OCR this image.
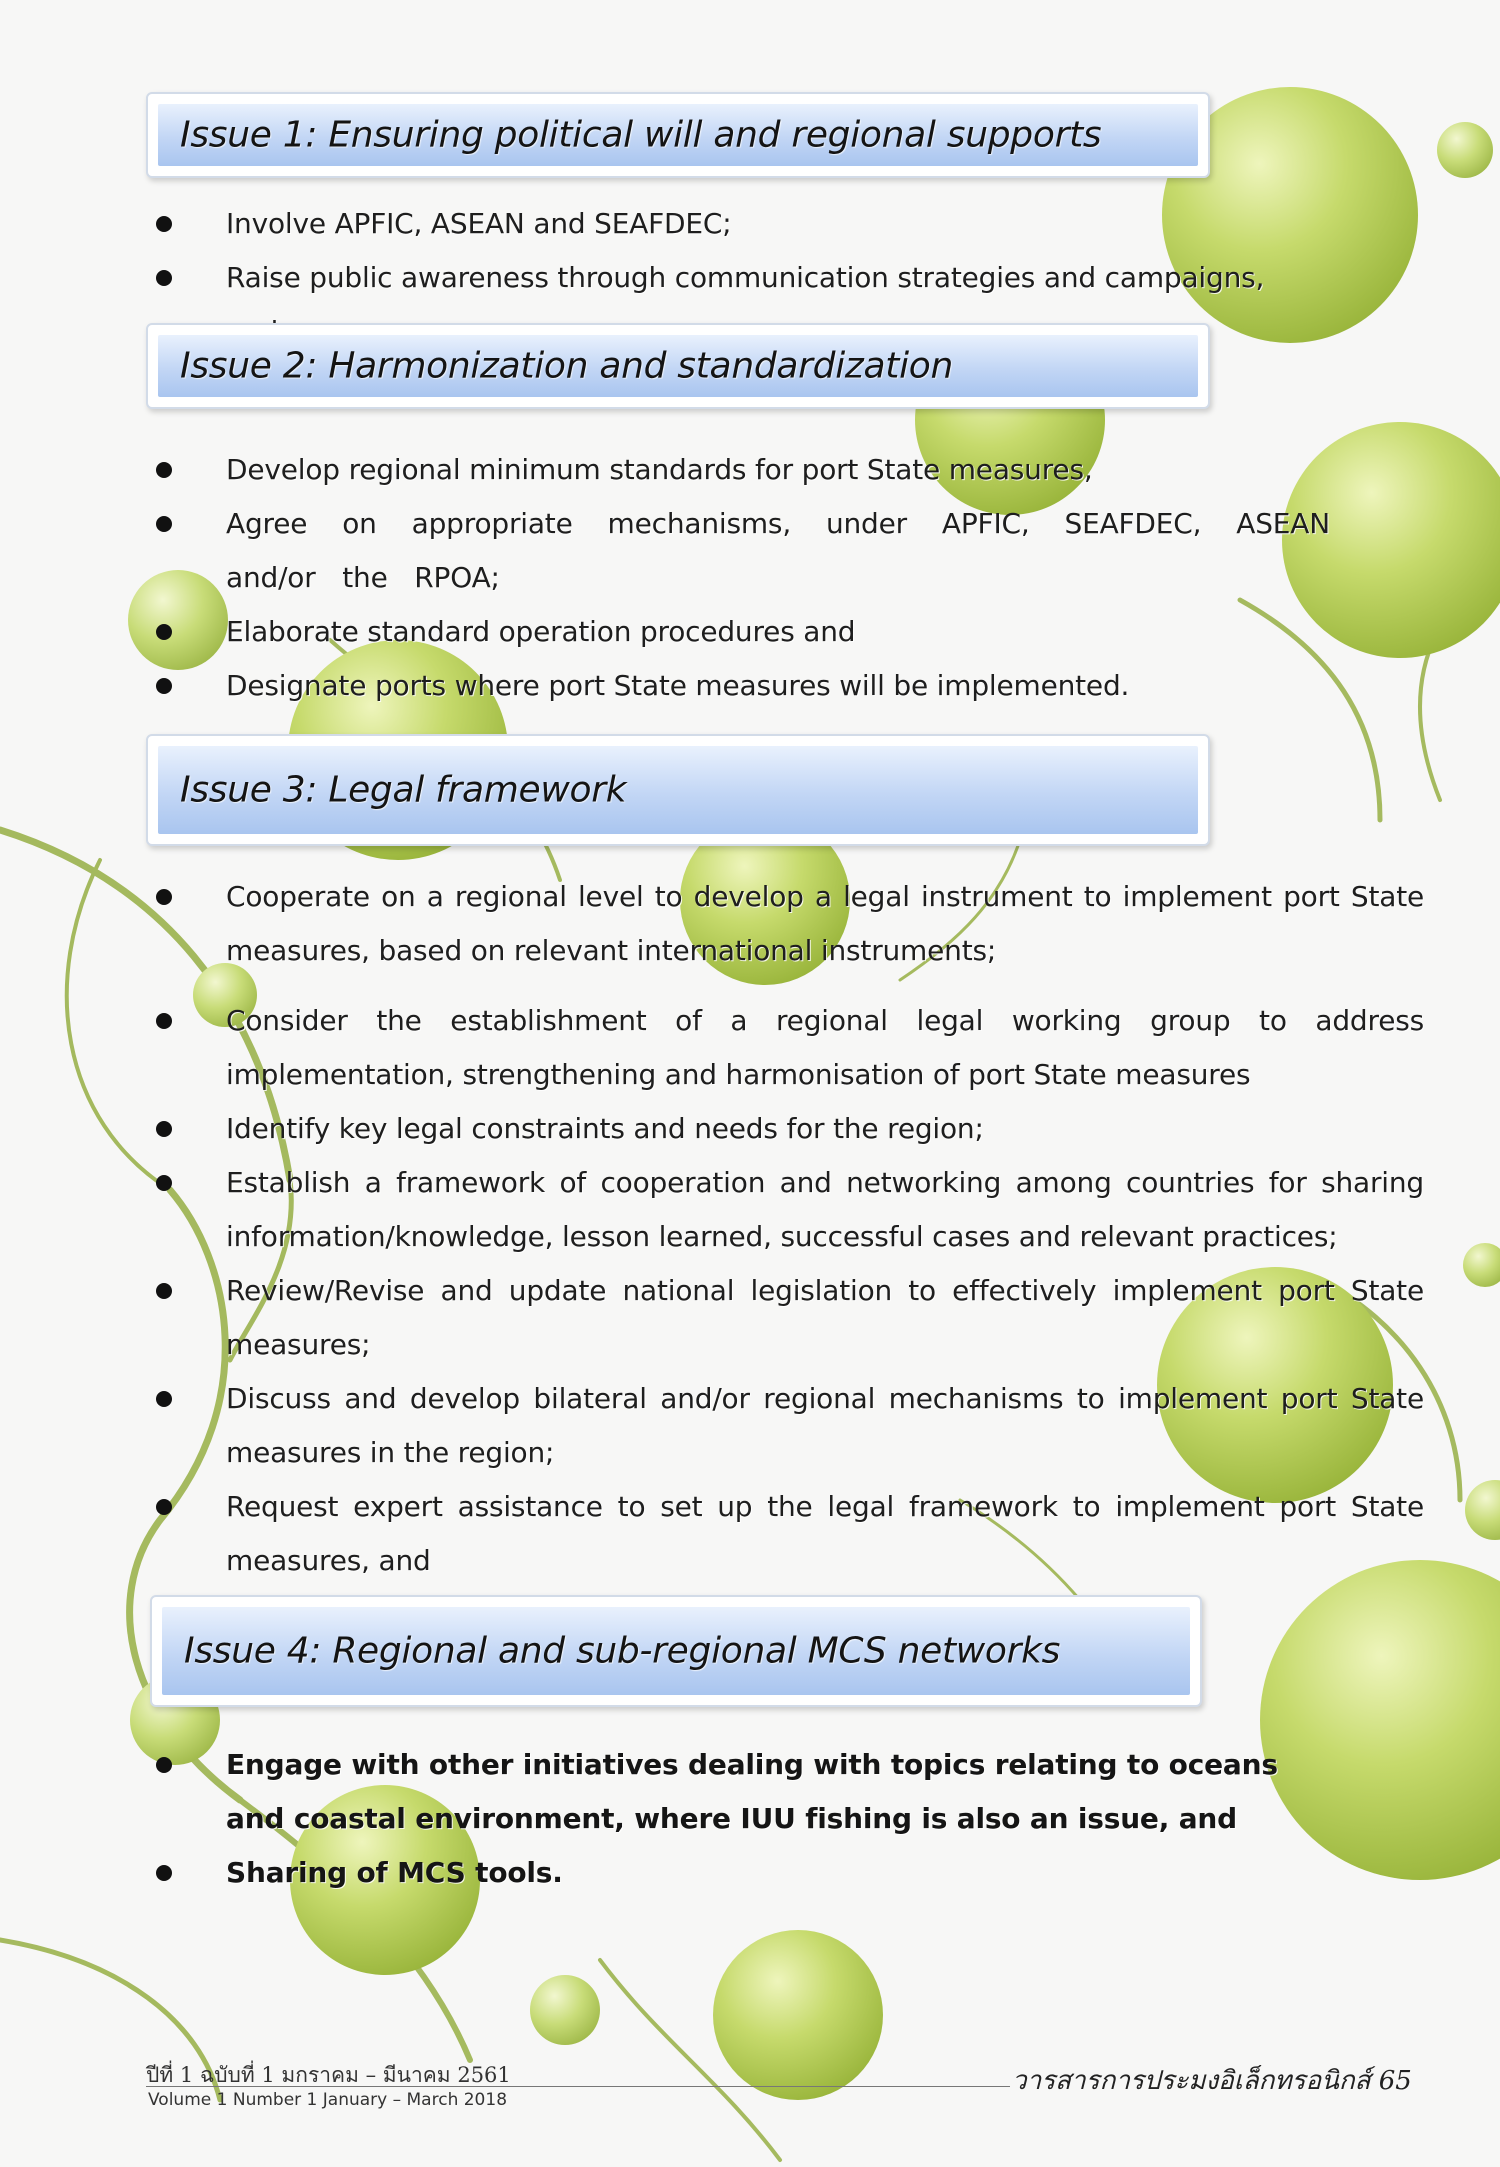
Issue 1: Ensuring political will and regional supports
Involve APFIC, ASEAN and SEAFDEC;
Raise public awareness through communication strategies and campaigns,
Issue 2: Harmonization and standardization
Develop regional minimum standards for port State measures,
Agree on appropriate mechanisms, under APFIC, SEAFDEC, ASEAN and/or the RPOA;
Elaborate standard operation procedures and
Designate ports where port State measures will be implemented.
Issue 3: Legal framework
Cooperate on a regional level to develop a legal instrument to implement port State measures, based on relevant international instruments;
Consider the establishment of a regional legal working group to address implementation, strengthening and harmonisation of port State measures
Identify key legal constraints and needs for the region;
Establish a framework of cooperation and networking among countries for sharing information/knowledge, lesson learned, successful cases and relevant practices;
Review/Revise and update national legislation to effectively implement port State measures;
Discuss and develop bilateral and/or regional mechanisms to implement port State measures in the region;
Request expert assistance to set up the legal framework to implement port State measures, and
Issue 4: Regional and sub-regional MCS networks
Engage with other initiatives dealing with topics relating to oceans and coastal environment, where IUU fishing is also an issue, and
Sharing of MCS tools.
ปีที่ 1 ฉบับที่ 1 มกราคม – มีนาคม 2561
Volume 1 Number 1 January – March 2018
วารสารการประมงอิเล็กทรอนิกส์ 65
